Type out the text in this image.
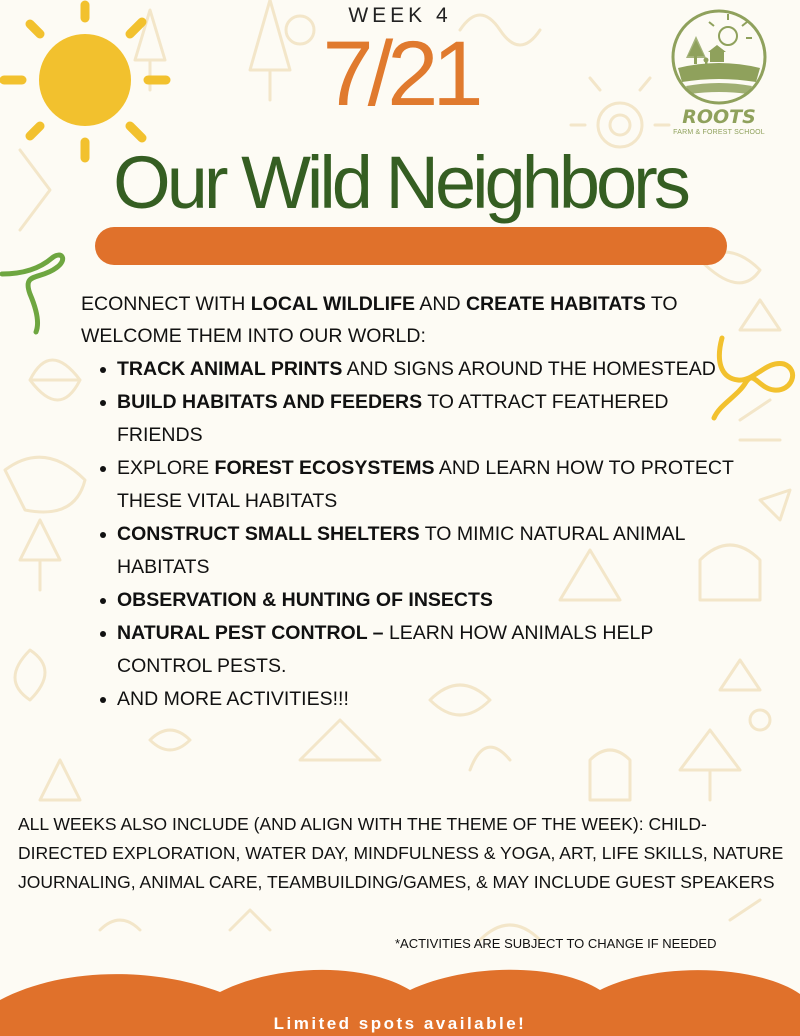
WEEK 4
7/21
Our Wild Neighbors
ROOTS
FARM & FOREST SCHOOL
ECONNECT WITH LOCAL WILDLIFE AND CREATE HABITATS TO WELCOME THEM INTO OUR WORLD:
TRACK ANIMAL PRINTS AND SIGNS AROUND THE HOMESTEAD
BUILD HABITATS AND FEEDERS TO ATTRACT FEATHERED FRIENDS
EXPLORE FOREST ECOSYSTEMS AND LEARN HOW TO PROTECT THESE VITAL HABITATS
CONSTRUCT SMALL SHELTERS TO MIMIC NATURAL ANIMAL HABITATS
OBSERVATION & HUNTING OF INSECTS
NATURAL PEST CONTROL – LEARN HOW ANIMALS HELP CONTROL PESTS.
AND MORE ACTIVITIES!!!
ALL WEEKS ALSO INCLUDE (AND ALIGN WITH THE THEME OF THE WEEK): CHILD-DIRECTED EXPLORATION, WATER DAY, MINDFULNESS & YOGA, ART, LIFE SKILLS, NATURE JOURNALING, ANIMAL CARE, TEAMBUILDING/GAMES, & MAY INCLUDE GUEST SPEAKERS
*ACTIVITIES ARE SUBJECT TO CHANGE IF NEEDED
Limited spots available!
